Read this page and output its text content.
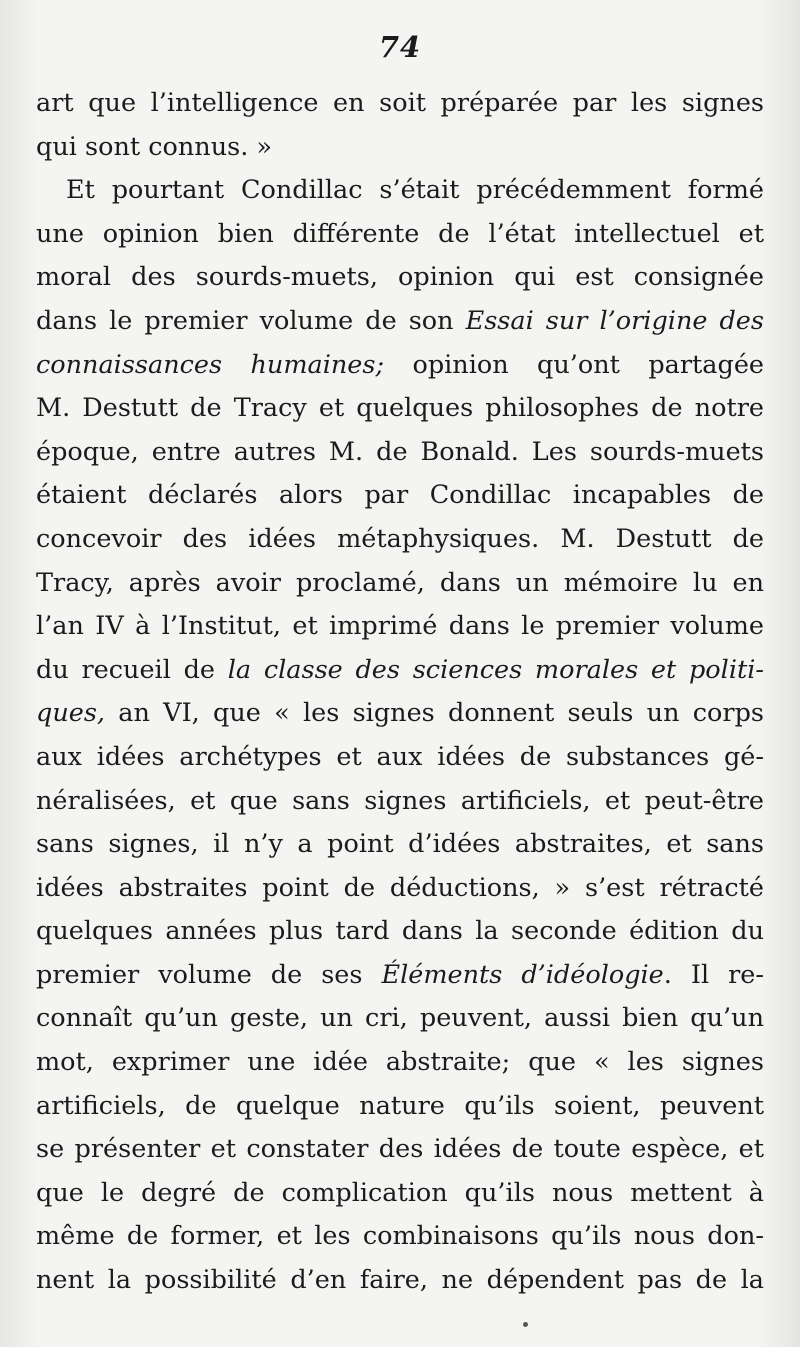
74
art que l’intelligence en soit préparée par les signes
qui sont connus. »
Et pourtant Condillac s’était précédemment formé
une opinion bien différente de l’état intellectuel et
moral des sourds-muets, opinion qui est consignée
dans le premier volume de son Essai sur l’origine des
connaissances humaines; opinion qu’ont partagée
M. Destutt de Tracy et quelques philosophes de notre
époque, entre autres M. de Bonald. Les sourds-muets
étaient déclarés alors par Condillac incapables de
concevoir des idées métaphysiques. M. Destutt de
Tracy, après avoir proclamé, dans un mémoire lu en
l’an IV à l’Institut, et imprimé dans le premier volume
du recueil de la classe des sciences morales et politi-
ques, an VI, que « les signes donnent seuls un corps
aux idées archétypes et aux idées de substances gé-
néralisées, et que sans signes artificiels, et peut-être
sans signes, il n’y a point d’idées abstraites, et sans
idées abstraites point de déductions, » s’est rétracté
quelques années plus tard dans la seconde édition du
premier volume de ses Éléments d’idéologie. Il re-
connaît qu’un geste, un cri, peuvent, aussi bien qu’un
mot, exprimer une idée abstraite; que « les signes
artificiels, de quelque nature qu’ils soient, peuvent
se présenter et constater des idées de toute espèce, et
que le degré de complication qu’ils nous mettent à
même de former, et les combinaisons qu’ils nous don-
nent la possibilité d’en faire, ne dépendent pas de la
